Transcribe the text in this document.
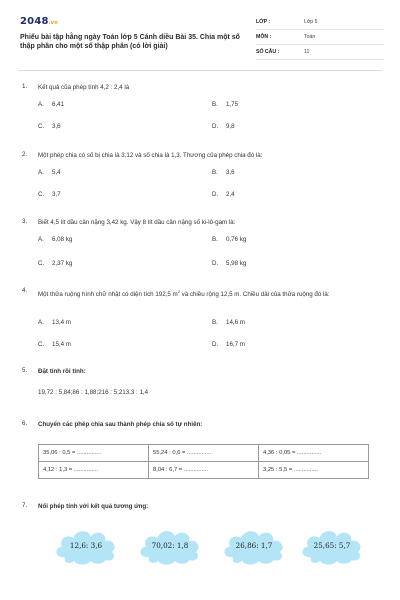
2048.vn
Phiếu bài tập hằng ngày Toán lớp 5 Cánh diều Bài 35. Chia một số thập phân cho một số thập phân (có lời giải)
LỚP :	Lớp 5
MÔN :	Toán
SỐ CÂU :	11
1. Kết quả của phép tính 4,2 : 2,4 là
A. 6,41	B. 1,75
C. 3,6	D. 9,8
2. Một phép chia có số bị chia là 3,12 và số chia là 1,3. Thương của phép chia đó là:
A. 5,4	B. 3,6
C. 3,7	D. 2,4
3. Biết 4,5 lít dầu cân nặng 3,42 kg. Vậy 8 lít dầu cân nặng số ki-lô-gam là:
A. 6,08 kg	B. 0,76 kg
C. 2,37 kg	D. 5,98 kg
4.
Một thửa ruộng hình chữ nhật có diện tích 192,5 $m^2$ và chiều rộng 12,5 m. Chiều dài của thửa ruộng đó là:
A. 13,4 m	B. 14,6 m
C. 15,4 m	D. 16,7 m
5. Đặt tính rồi tính:
19,72 : 5,84;86 : 1,88;216 : 5,213,3 : 1,4
6. Chuyển các phép chia sau thành phép chia số tự nhiên:
35,06 : 0,5 = ...............	55,24 : 0,6 = ...............	4,36 : 0,05 = ...............
4,12 : 1,3 = ...............	8,04 : 6,7 = ...............	3,25 : 5,5 = ...............
7. Nối phép tính với kết quả tương ứng:
12,6: 3,6	70,02: 1,8	26,86: 1,7	25,65: 5,7
